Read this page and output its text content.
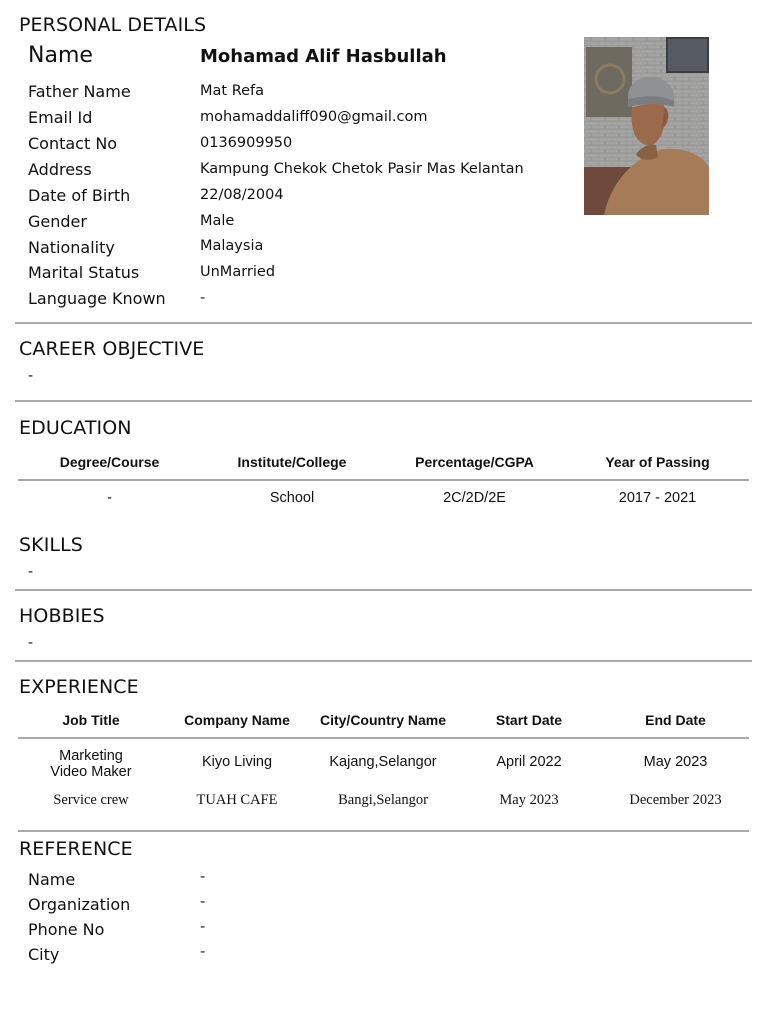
PERSONAL DETAILS
Name	Mohamad Alif Hasbullah
Father Name	Mat Refa
Email Id	mohamaddaliff090@gmail.com
Contact No	0136909950
Address	Kampung Chekok Chetok Pasir Mas Kelantan
Date of Birth	22/08/2004
Gender	Male
Nationality	Malaysia
Marital Status	UnMarried
Language Known -
CAREER OBJECTIVE
-
EDUCATION
Degree/Course	Institute/College	Percentage/CGPA	Year of Passing
-	School	2C/2D/2E	2017 - 2021
SKILLS
-
HOBBIES
-
EXPERIENCE
Job Title	Company Name	City/Country Name	Start Date	End Date
Marketing
Video Maker	Kiyo Living	Kajang,Selangor	April 2022	May 2023
Service crew	TUAH CAFE	Bangi,Selangor	May 2023	December 2023
REFERENCE
Name	-
Organization	-
Phone No	-
City	-
